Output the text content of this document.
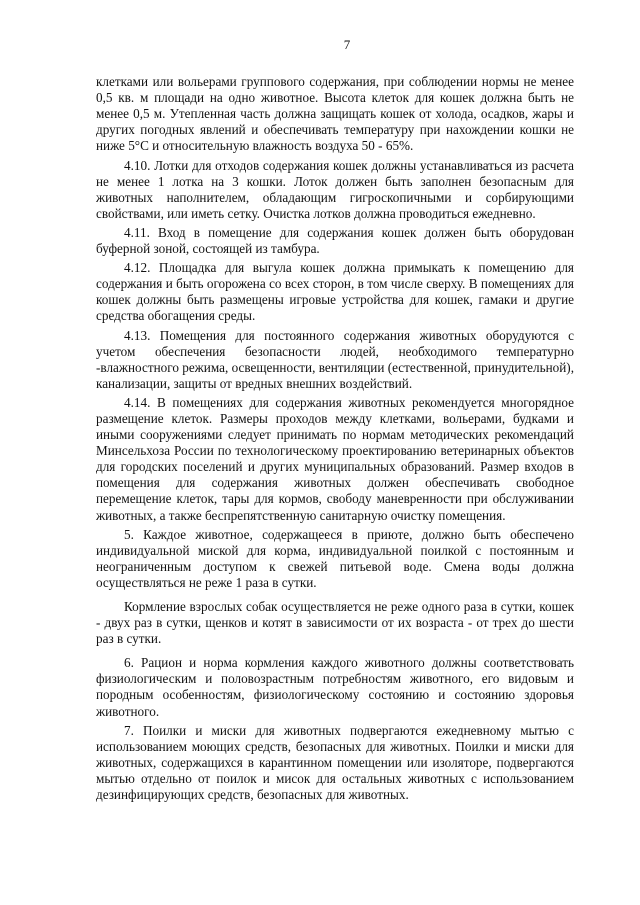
7

клетками или вольерами группового содержания, при соблюдении нормы не менее 0,5 кв. м площади на одно животное. Высота клеток для кошек должна быть не менее 0,5 м. Утепленная часть должна защищать кошек от холода, осадков, жары и других погодных явлений и обеспечивать температуру при нахождении кошки не ниже 5°С и относительную влажность воздуха 50 - 65%.

4.10. Лотки для отходов содержания кошек должны устанавливаться из расчета не менее 1 лотка на 3 кошки. Лоток должен быть заполнен безопасным для животных наполнителем, обладающим гигроскопичными и сорбирующими свойствами, или иметь сетку. Очистка лотков должна проводиться ежедневно.

4.11. Вход в помещение для содержания кошек должен быть оборудован буферной зоной, состоящей из тамбура.

4.12. Площадка для выгула кошек должна примыкать к помещению для содержания и быть огорожена со всех сторон, в том числе сверху. В помещениях для кошек должны быть размещены игровые устройства для кошек, гамаки и другие средства обогащения среды.

4.13. Помещения для постоянного содержания животных оборудуются с учетом обеспечения безопасности людей, необходимого температурно -влажностного режима, освещенности, вентиляции (естественной, принудительной), канализации, защиты от вредных внешних воздействий.

4.14. В помещениях для содержания животных рекомендуется многорядное размещение клеток. Размеры проходов между клетками, вольерами, будками и иными сооружениями следует принимать по нормам методических рекомендаций Минсельхоза России по технологическому проектированию ветеринарных объектов для городских поселений и других муниципальных образований. Размер входов в помещения для содержания животных должен обеспечивать свободное перемещение клеток, тары для кормов, свободу маневренности при обслуживании животных, а также беспрепятственную санитарную очистку помещения.

5. Каждое животное, содержащееся в приюте, должно быть обеспечено индивидуальной миской для корма, индивидуальной поилкой с постоянным и неограниченным доступом к свежей питьевой воде. Смена воды должна осуществляться не реже 1 раза в сутки.

Кормление взрослых собак осуществляется не реже одного раза в сутки, кошек - двух раз в сутки, щенков и котят в зависимости от их возраста - от трех до шести раз в сутки.

6. Рацион и норма кормления каждого животного должны соответствовать физиологическим и половозрастным потребностям животного, его видовым и породным особенностям, физиологическому состоянию и состоянию здоровья животного.

7. Поилки и миски для животных подвергаются ежедневному мытью с использованием моющих средств, безопасных для животных. Поилки и миски для животных, содержащихся в карантинном помещении или изоляторе, подвергаются мытью отдельно от поилок и мисок для остальных животных с использованием дезинфицирующих средств, безопасных для животных.
